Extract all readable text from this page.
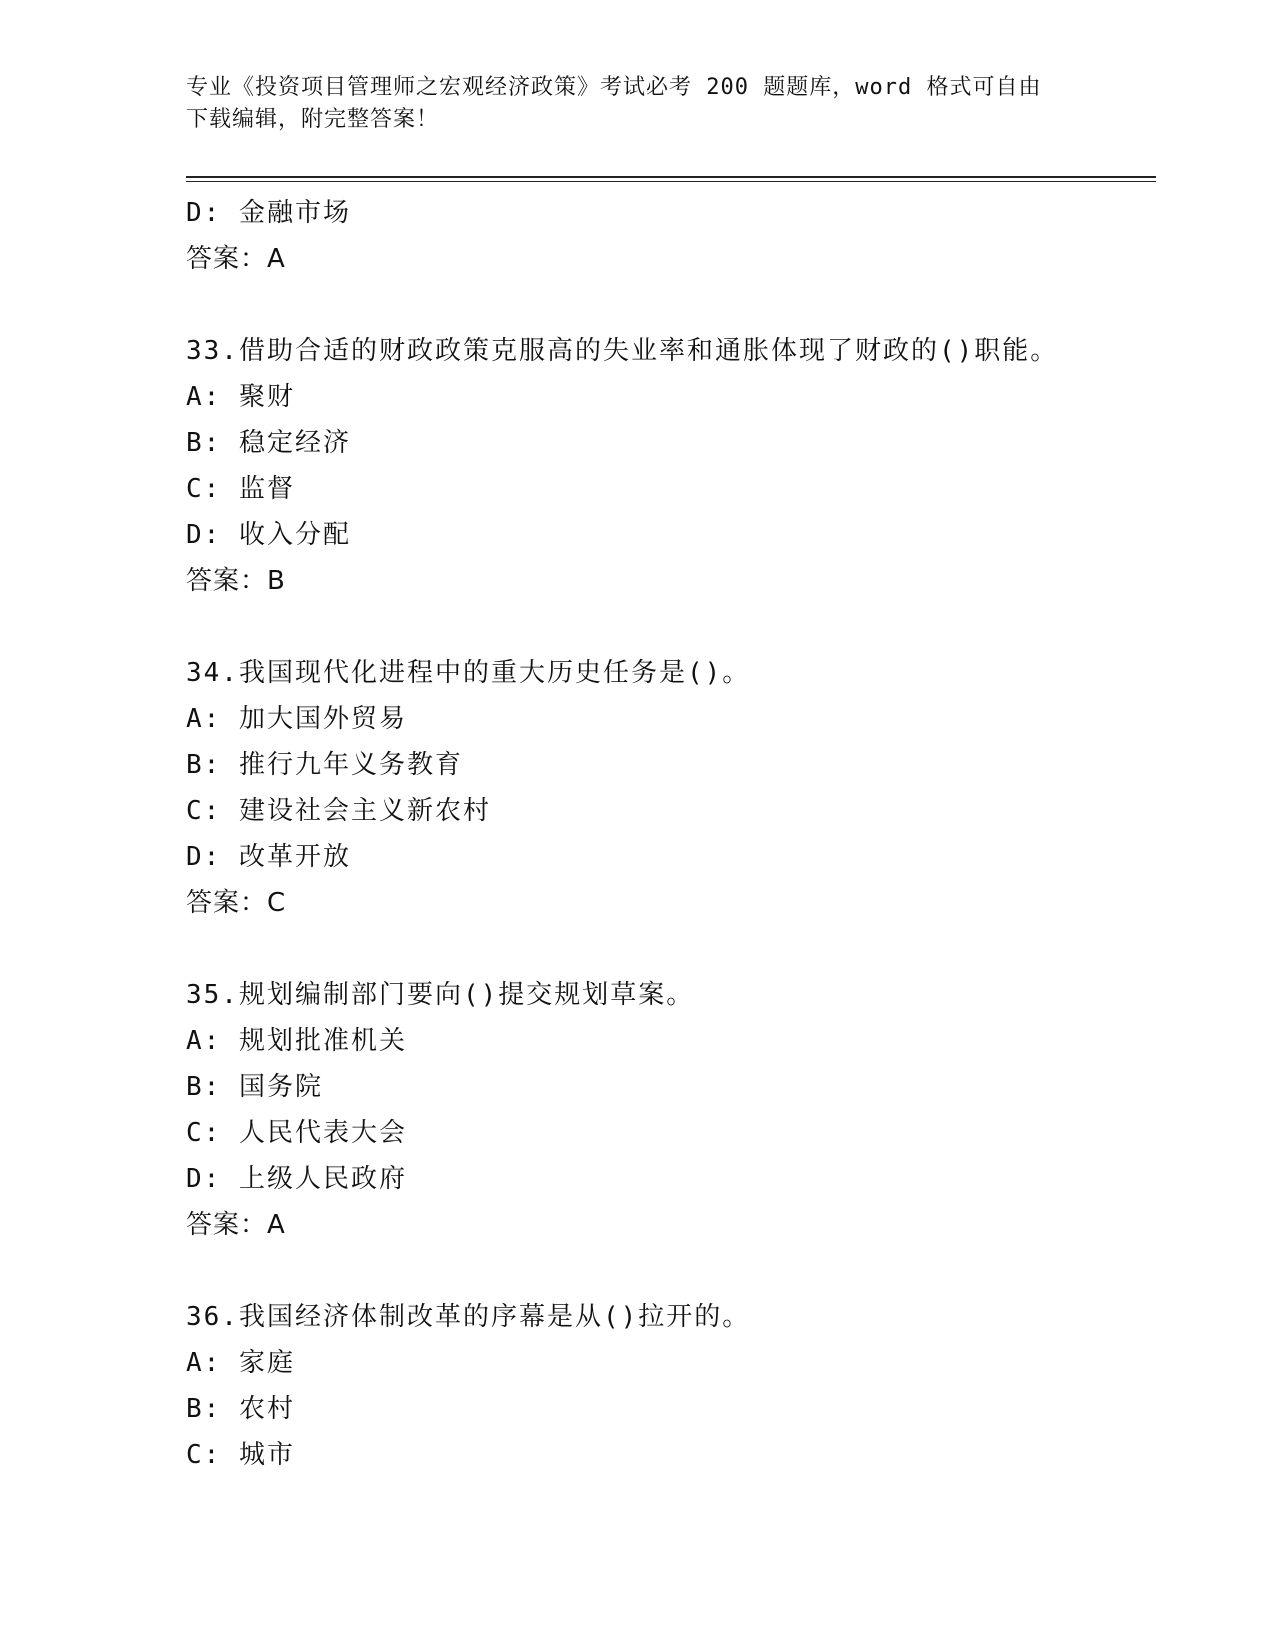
专业《投资项目管理师之宏观经济政策》考试必考 200 题题库，word 格式可自由
下载编辑，附完整答案！
D: 金融市场
答案：A
33.借助合适的财政政策克服高的失业率和通胀体现了财政的()职能。
A: 聚财
B: 稳定经济
C: 监督
D: 收入分配
答案：B
34.我国现代化进程中的重大历史任务是()。
A: 加大国外贸易
B: 推行九年义务教育
C: 建设社会主义新农村
D: 改革开放
答案：C
35.规划编制部门要向()提交规划草案。
A: 规划批准机关
B: 国务院
C: 人民代表大会
D: 上级人民政府
答案：A
36.我国经济体制改革的序幕是从()拉开的。
A: 家庭
B: 农村
C: 城市
